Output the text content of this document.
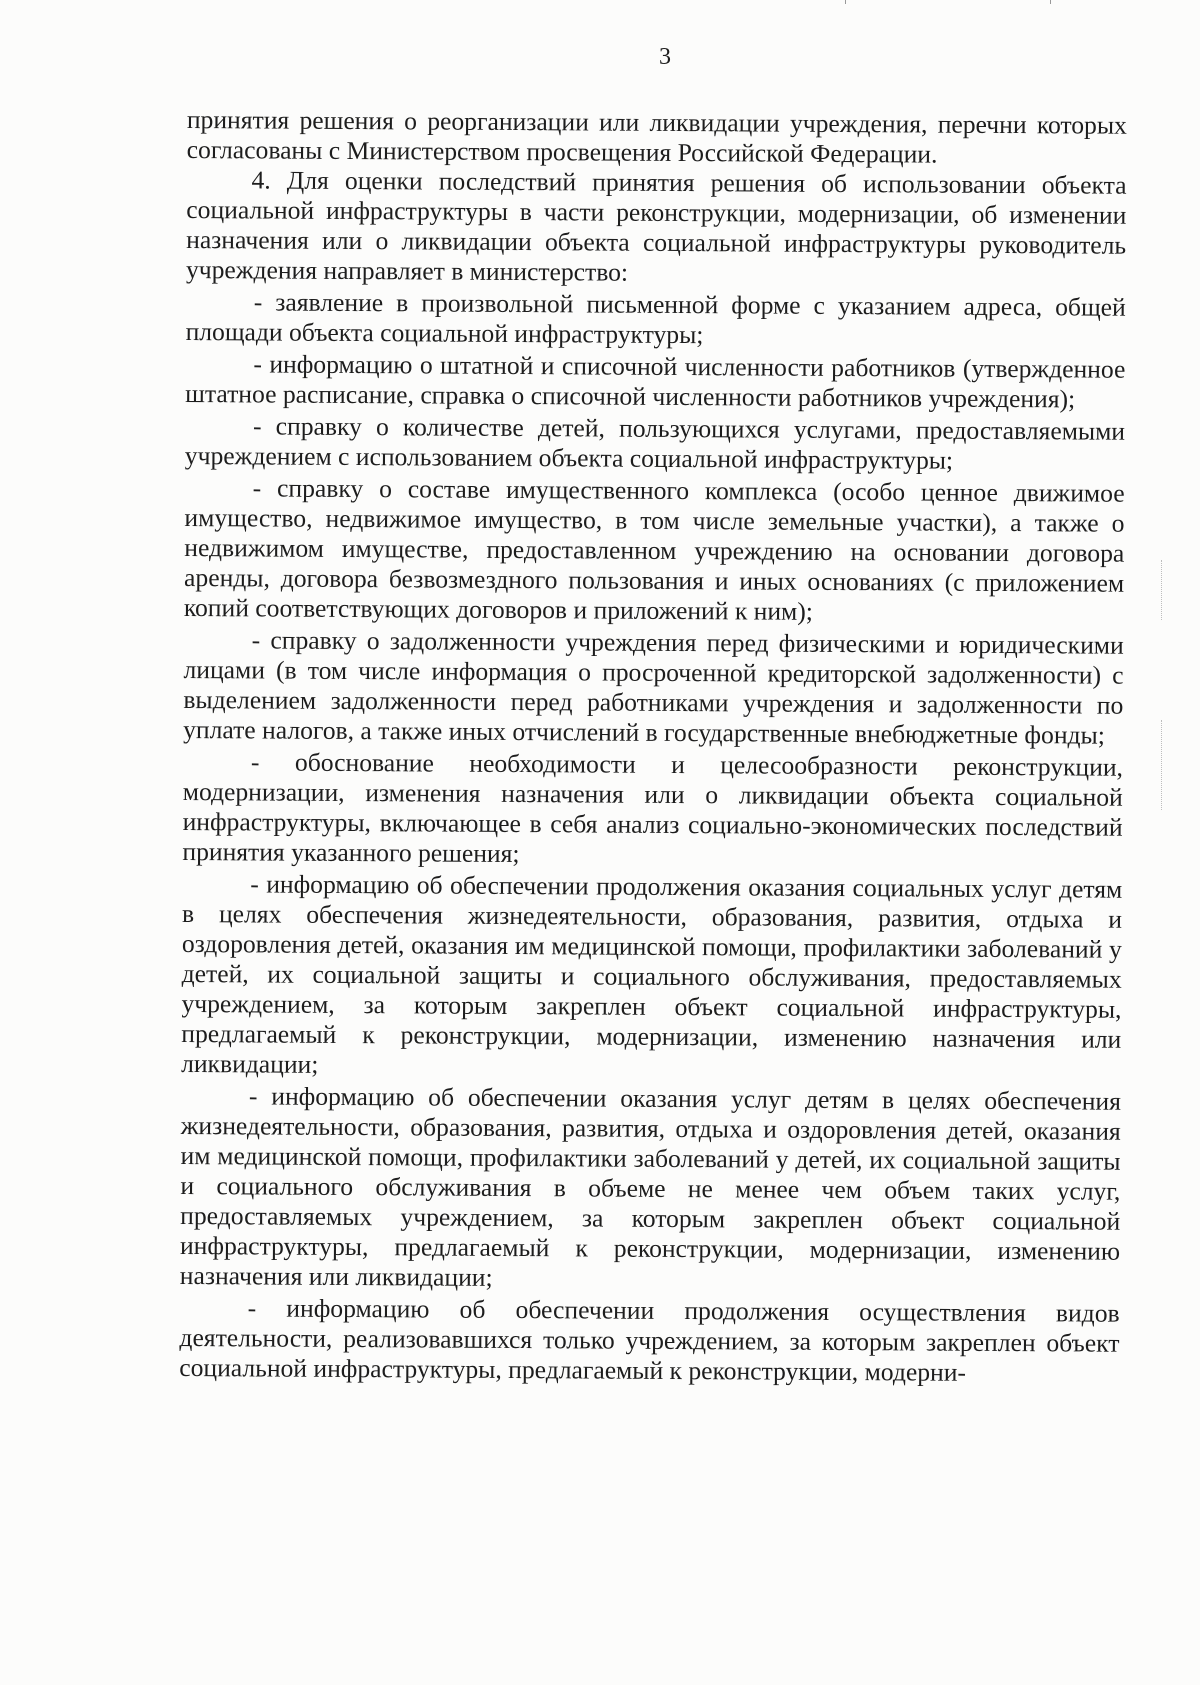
3

принятия решения о реорганизации или ликвидации учреждения, перечни которых согласованы с Министерством просвещения Российской Федерации.

4. Для оценки последствий принятия решения об использовании объекта социальной инфраструктуры в части реконструкции, модернизации, об изменении назначения или о ликвидации объекта социальной инфраструктуры руководитель учреждения направляет в министерство:

- заявление в произвольной письменной форме с указанием адреса, общей площади объекта социальной инфраструктуры;

- информацию о штатной и списочной численности работников (утвержденное штатное расписание, справка о списочной численности работников учреждения);

- справку о количестве детей, пользующихся услугами, предоставляемыми учреждением с использованием объекта социальной инфраструктуры;

- справку о составе имущественного комплекса (особо ценное движимое имущество, недвижимое имущество, в том числе земельные участки), а также о недвижимом имуществе, предоставленном учреждению на основании договора аренды, договора безвозмездного пользования и иных основаниях (с приложением копий соответствующих договоров и приложений к ним);

- справку о задолженности учреждения перед физическими и юридическими лицами (в том числе информация о просроченной кредиторской задолженности) с выделением задолженности перед работниками учреждения и задолженности по уплате налогов, а также иных отчислений в государственные внебюджетные фонды;

- обоснование необходимости и целесообразности реконструкции, модернизации, изменения назначения или о ликвидации объекта социальной инфраструктуры, включающее в себя анализ социально-экономических последствий принятия указанного решения;

- информацию об обеспечении продолжения оказания социальных услуг детям в целях обеспечения жизнедеятельности, образования, развития, отдыха и оздоровления детей, оказания им медицинской помощи, профилактики заболеваний у детей, их социальной защиты и социального обслуживания, предоставляемых учреждением, за которым закреплен объект социальной инфраструктуры, предлагаемый к реконструкции, модернизации, изменению назначения или ликвидации;

- информацию об обеспечении оказания услуг детям в целях обеспечения жизнедеятельности, образования, развития, отдыха и оздоровления детей, оказания им медицинской помощи, профилактики заболеваний у детей, их социальной защиты и социального обслуживания в объеме не менее чем объем таких услуг, предоставляемых учреждением, за которым закреплен объект социальной инфраструктуры, предлагаемый к реконструкции, модернизации, изменению назначения или ликвидации;

- информацию об обеспечении продолжения осуществления видов деятельности, реализовавшихся только учреждением, за которым закреплен объект социальной инфраструктуры, предлагаемый к реконструкции, модерни-
